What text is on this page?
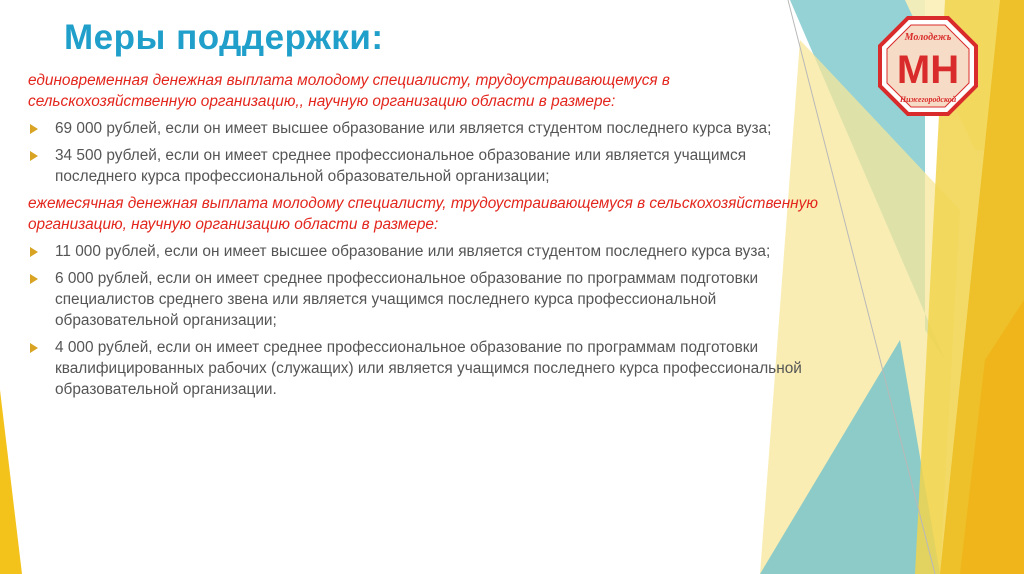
Меры поддержки:	Молодежь
МН
Нижегородской

единовременная денежная выплата молодому специалисту, трудоустраивающемуся в сельскохозяйственную организацию,, научную организацию области в размере:

69 000 рублей, если он имеет высшее образование или является студентом последнего курса вуза;
34 500 рублей, если он имеет среднее профессиональное образование или является учащимся последнего курса профессиональной образовательной организации;

ежемесячная денежная выплата молодому специалисту, трудоустраивающемуся в сельскохозяйственную организацию, научную организацию области в размере:

11 000 рублей, если он имеет высшее образование или является студентом последнего курса вуза;
6 000 рублей, если он имеет среднее профессиональное образование по программам подготовки специалистов среднего звена или является учащимся последнего курса профессиональной образовательной организации;
4 000 рублей, если он имеет среднее профессиональное образование по программам подготовки квалифицированных рабочих (служащих) или является учащимся последнего курса профессиональной образовательной организации.
